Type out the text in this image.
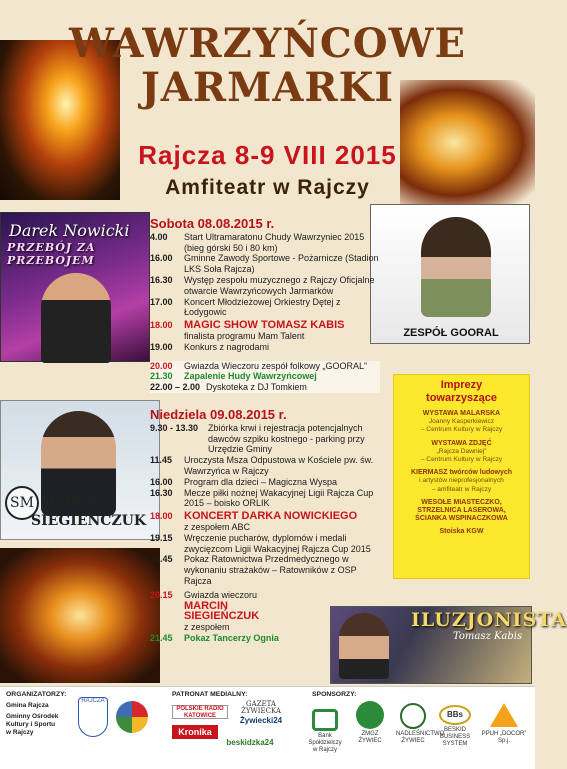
WAWRZYŃCOWE
JARMARKI
Rajcza 8-9 VIII 2015
Amfiteatr w Rajczy
Darek Nowicki
PRZEBÓJ ZA PRZEBOJEM
ZESPÓŁ GOORAL
SM MARCIN
SIEGIEŃCZUK
ILUZJONISTA
Tomasz Kabis
Sobota 08.08.2015 r.
4.00	Start Ultramaratonu Chudy Wawrzyniec 2015 (bieg górski 50 i 80 km)
16.00	Gminne Zawody Sportowe - Pożarnicze (Stadion LKS Soła Rajcza)
16.30	Występ zespołu muzycznego z Rajczy Oficjalne otwarcie Wawrzyńcowych Jarmarków
17.00	Koncert Młodzieżowej Orkiestry Dętej z Łodygowic
18.00	MAGIC SHOW TOMASZ KABIS
finalista programu Mam Talent
19.00	Konkurs z nagrodami
20.00	Gwiazda Wieczoru zespół folkowy „GOORAL”
21.30	Zapalenie Hudy Wawrzyńcowej
22.00 – 2.00 Dyskoteka z DJ Tomkiem
Niedziela 09.08.2015 r.
9.30 - 13.30	Zbiórka krwi i rejestracja potencjalnych dawców szpiku kostnego - parking przy Urzędzie Gminy
11.45	Uroczysta Msza Odpustowa w Kościele pw. św. Wawrzyńca w Rajczy
16.00	Program dla dzieci – Magiczna Wyspa
16.30	Mecze piłki nożnej Wakacyjnej Ligii Rajcza Cup 2015 – boisko ORLIK
18.00	KONCERT DARKA NOWICKIEGO
z zespołem ABC
19.15	Wręczenie pucharów, dyplomów i medali zwycięzcom Ligii Wakacyjnej Rajcza Cup 2015
19.45	Pokaz Ratownictwa Przedmedycznego w wykonaniu strażaków – Ratowników z OSP Rajcza
20.15	Gwiazda wieczoru
MARCIN
SIEGIEŃCZUK
z zespołem
21.45	Pokaz Tancerzy Ognia
Imprezy
towarzyszące
WYSTAWA MALARSKA
Joanny Kasperkiewicz
– Centrum Kultury w Rajczy
WYSTAWA ZDJĘĆ
„Rajcza Dawniej”
– Centrum Kultury w Rajczy
KIERMASZ twórców ludowych
i artystów nieprofesjonalnych
– amfiteatr w Rajczy
WESOŁE MIASTECZKO,
STRZELNICA LASEROWA,
ŚCIANKA WSPINACZKOWA
Stoiska KGW
ORGANIZATORZY:
Gmina Rajcza
Gminny Ośrodek
Kultury i Sportu
w Rajczy
RAJCZA
PATRONAT MEDIALNY:
POLSKIE RADIO KATOWICE
GAZETA ŻYWIECKA
Żywiecki24
Kronika
beskidzka24
SPONSORZY:
Bank Spółdzielczy w Rajczy
ZMGZ ŻYWIEC
NADLEŚNICTWO ŻYWIEC
BBs
BESKID BUSINESS SYSTEM
PPUH „DOCOR” Sp.j.
